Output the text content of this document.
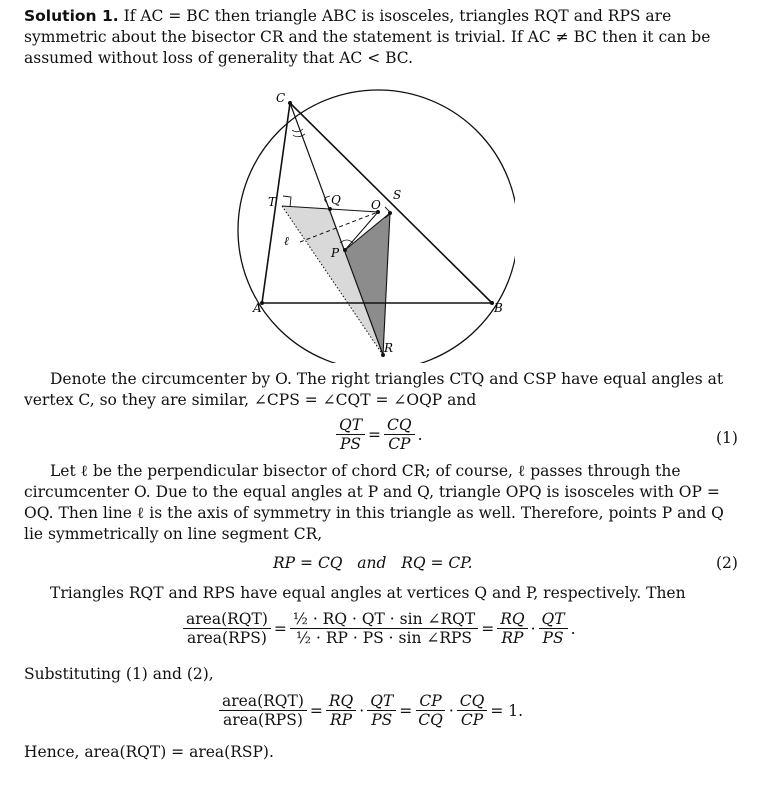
Solution 1. If AC = BC then triangle ABC is isosceles, triangles RQT and RPS are symmetric about the bisector CR and the statement is trivial. If AC ≠ BC then it can be assumed without loss of generality that AC < BC.
C
T	Q	O
S
P
ℓ
A	B
R
Denote the circumcenter by O. The right triangles CTQ and CSP have equal angles at vertex C, so they are similar, ∠CPS = ∠CQT = ∠OQP and
$\frac{QT}{PS} = \frac{CQ}{CP}$ .	(1)
Let ℓ be the perpendicular bisector of chord CR; of course, ℓ passes through the circumcenter O. Due to the equal angles at P and Q, triangle OPQ is isosceles with OP = OQ. Then line ℓ is the axis of symmetry in this triangle as well. Therefore, points P and Q lie symmetrically on line segment CR,
RP = CQ   and   RQ = CP.	(2)
Triangles RQT and RPS have equal angles at vertices Q and P, respectively. Then
$\frac{\text{area(RQT)}}{\text{area(RPS)}} = \frac{\text{½ · RQ · QT · sin ∠RQT}}{\text{½ · RP · PS · sin ∠RPS}} = \frac{RQ}{RP} \cdot \frac{QT}{PS}$ .
Substituting (1) and (2),
$\frac{\text{area(RQT)}}{\text{area(RPS)}} = \frac{RQ}{RP} \cdot \frac{QT}{PS} = \frac{CP}{CQ} \cdot \frac{CQ}{CP} = 1$.
Hence, area(RQT) = area(RSP).
